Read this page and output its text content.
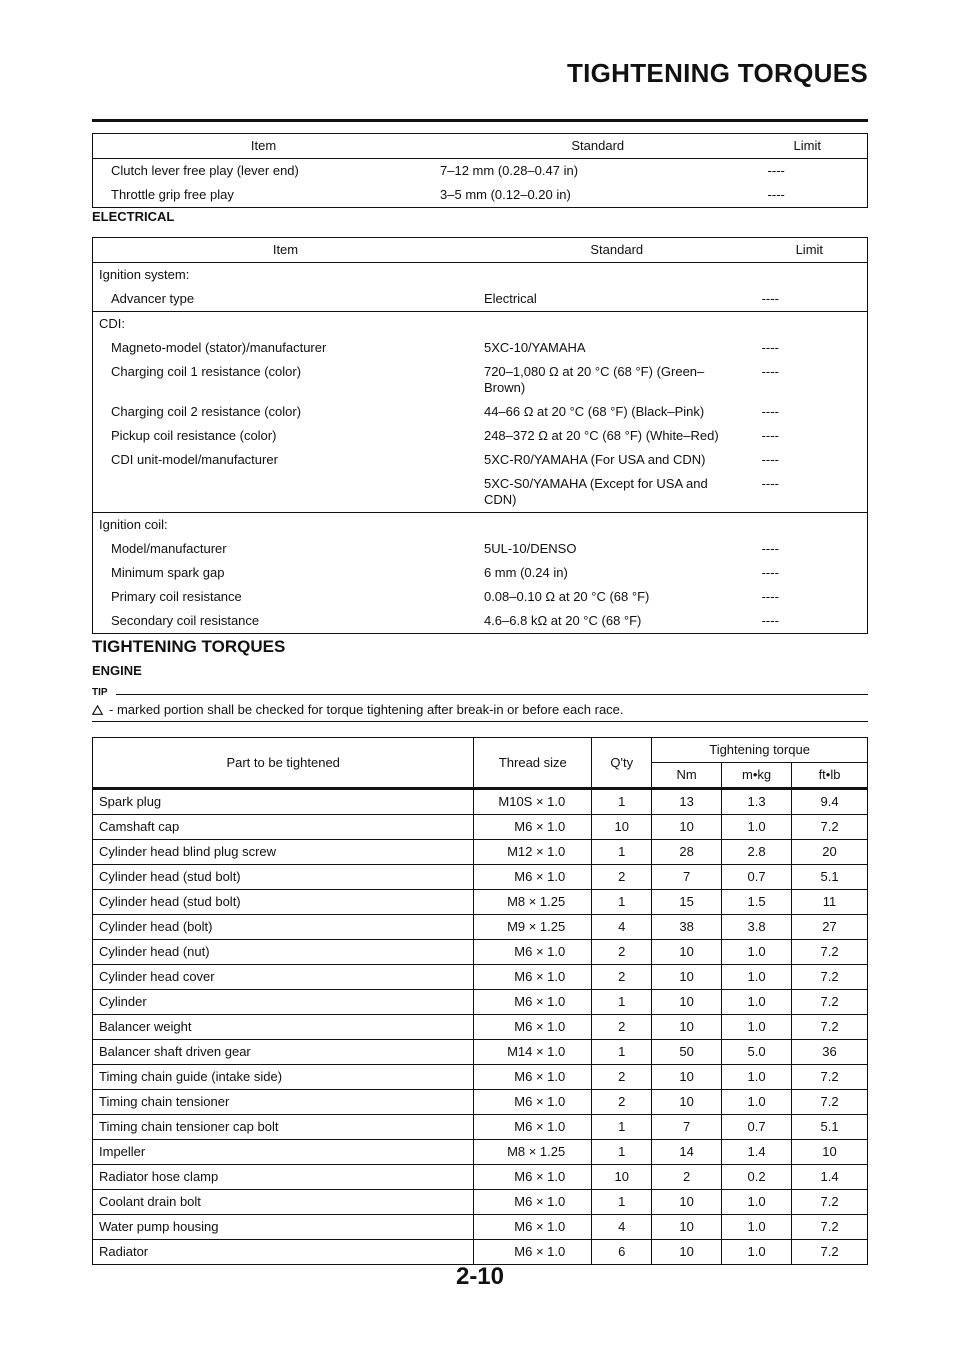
TIGHTENING TORQUES
Item	Standard	Limit
Clutch lever free play (lever end)	7–12 mm (0.28–0.47 in)	----
Throttle grip free play	3–5 mm (0.12–0.20 in)	----
ELECTRICAL
Item	Standard	Limit
Ignition system:		
Advancer type	Electrical	----
CDI:		
Magneto-model (stator)/manufacturer	5XC-10/YAMAHA	----
Charging coil 1 resistance (color)	720–1,080 Ω at 20 °C (68 °F) (Green–Brown)	----
Charging coil 2 resistance (color)	44–66 Ω at 20 °C (68 °F) (Black–Pink)	----
Pickup coil resistance (color)	248–372 Ω at 20 °C (68 °F) (White–Red)	----
CDI unit-model/manufacturer	5XC-R0/YAMAHA (For USA and CDN)	----
	5XC-S0/YAMAHA (Except for USA and CDN)	----
Ignition coil:		
Model/manufacturer	5UL-10/DENSO	----
Minimum spark gap	6 mm (0.24 in)	----
Primary coil resistance	0.08–0.10 Ω at 20 °C (68 °F)	----
Secondary coil resistance	4.6–6.8 kΩ at 20 °C (68 °F)	----
TIGHTENING TORQUES
ENGINE
TIP
- marked portion shall be checked for torque tightening after break-in or before each race.
Part to be tightened	Thread size	Q'ty	Tightening torque		
			Nm	m•kg	ft•lb

Spark plug	M10S × 1.0	1	13	1.3	9.4
Camshaft cap	M6 × 1.0	10	10	1.0	7.2
Cylinder head blind plug screw	M12 × 1.0	1	28	2.8	20
Cylinder head (stud bolt)	M6 × 1.0	2	7	0.7	5.1
Cylinder head (stud bolt)	M8 × 1.25	1	15	1.5	11
Cylinder head (bolt)	M9 × 1.25	4	38	3.8	27
Cylinder head (nut)	M6 × 1.0	2	10	1.0	7.2
Cylinder head cover	M6 × 1.0	2	10	1.0	7.2
Cylinder	M6 × 1.0	1	10	1.0	7.2
Balancer weight	M6 × 1.0	2	10	1.0	7.2
Balancer shaft driven gear	M14 × 1.0	1	50	5.0	36
Timing chain guide (intake side)	M6 × 1.0	2	10	1.0	7.2
Timing chain tensioner	M6 × 1.0	2	10	1.0	7.2
Timing chain tensioner cap bolt	M6 × 1.0	1	7	0.7	5.1
Impeller	M8 × 1.25	1	14	1.4	10
Radiator hose clamp	M6 × 1.0	10	2	0.2	1.4
Coolant drain bolt	M6 × 1.0	1	10	1.0	7.2
Water pump housing	M6 × 1.0	4	10	1.0	7.2
Radiator	M6 × 1.0	6	10	1.0	7.2
2-10
